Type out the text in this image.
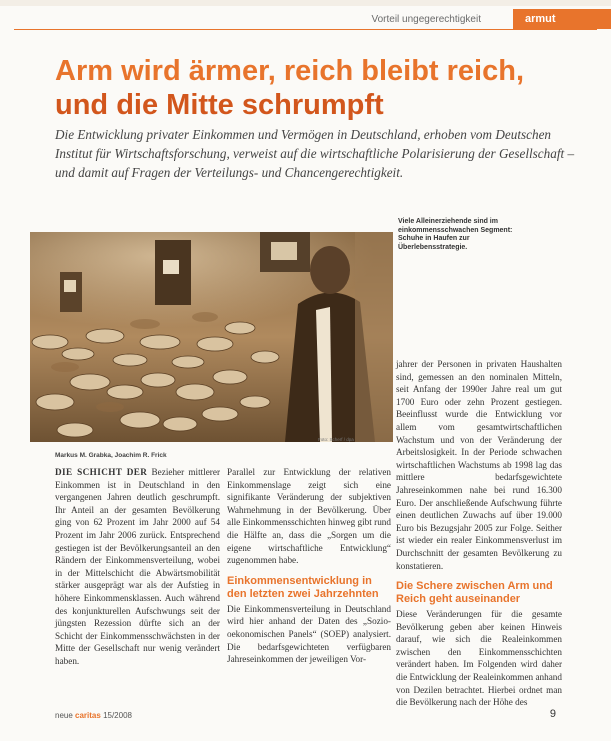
Vorteil ungegerechtigkeit	armut
Arm wird ärmer, reich bleibt reich,
und die Mitte schrumpft
Die Entwicklung privater Einkommen und Vermögen in Deutschland, erhoben vom Deutschen Institut für Wirtschaftsforschung, verweist auf die wirtschaftliche Polarisierung der Gesellschaft – und damit auf Fragen der Verteilungs- und Chancengerechtigkeit.
Viele Alleinerziehende sind im einkommensschwachen Segment: Schuhe in Haufen zur Überlebensstrategie.
Foto: Scherf / dpa
Markus M. Grabka, Joachim R. Frick
DIE SCHICHT DER Bezieher mittlerer Einkommen ist in Deutschland in den vergangenen Jahren deutlich geschrumpft. Ihr Anteil an der gesamten Bevölkerung ging von 62 Prozent im Jahr 2000 auf 54 Prozent im Jahr 2006 zurück. Entsprechend gestiegen ist der Bevölkerungsanteil an den Rändern der Einkommensverteilung, wobei in der Mittelschicht die Abwärtsmobilität stärker ausgeprägt war als der Aufstieg in höhere Einkommensklassen. Auch während des konjunkturellen Aufschwungs seit der jüngsten Rezession dürfte sich an der Schicht der Einkommensschwächsten in der Mitte der Gesellschaft nur wenig verändert haben.
Parallel zur Entwicklung der relativen Einkommenslage zeigt sich eine signifikante Veränderung der subjektiven Wahrnehmung in der Bevölkerung. Über alle Einkommensschichten hinweg gibt rund die Hälfte an, dass die „Sorgen um die eigene wirtschaftliche Entwicklung“ zugenommen habe.
Einkommensentwicklung in den letzten zwei Jahrzehnten
Die Einkommensverteilung in Deutschland wird hier anhand der Daten des „Sozio-oekonomischen Panels“ (SOEP) analysiert. Die bedarfsgewichteten verfügbaren Jahreseinkommen der jeweiligen Vor-
jahrer der Personen in privaten Haushalten sind, gemessen an den nominalen Mitteln, seit Anfang der 1990er Jahre real um gut 1700 Euro oder zehn Prozent gestiegen. Beeinflusst wurde die Entwicklung vor allem vom gesamtwirtschaftlichen Wachstum und von der Veränderung der Arbeitslosigkeit. In der Periode schwachen wirtschaftlichen Wachstums ab 1998 lag das mittlere bedarfsgewichtete Jahreseinkommen nahe bei rund 16.300 Euro. Der anschließende Aufschwung führte einen deutlichen Zuwachs auf über 19.000 Euro bis Bezugsjahr 2005 zur Folge. Seither ist wieder ein realer Einkommensverlust im Durchschnitt der gesamten Bevölkerung zu konstatieren.
Die Schere zwischen Arm und Reich geht auseinander
Diese Veränderungen für die gesamte Bevölkerung geben aber keinen Hinweis darauf, wie sich die Realeinkommen zwischen den Einkommensschichten verändert haben. Im Folgenden wird daher die Entwicklung der Realeinkommen anhand von Dezilen betrachtet. Hierbei ordnet man die Bevölkerung nach der Höhe des
neue caritas 15/2008	9
